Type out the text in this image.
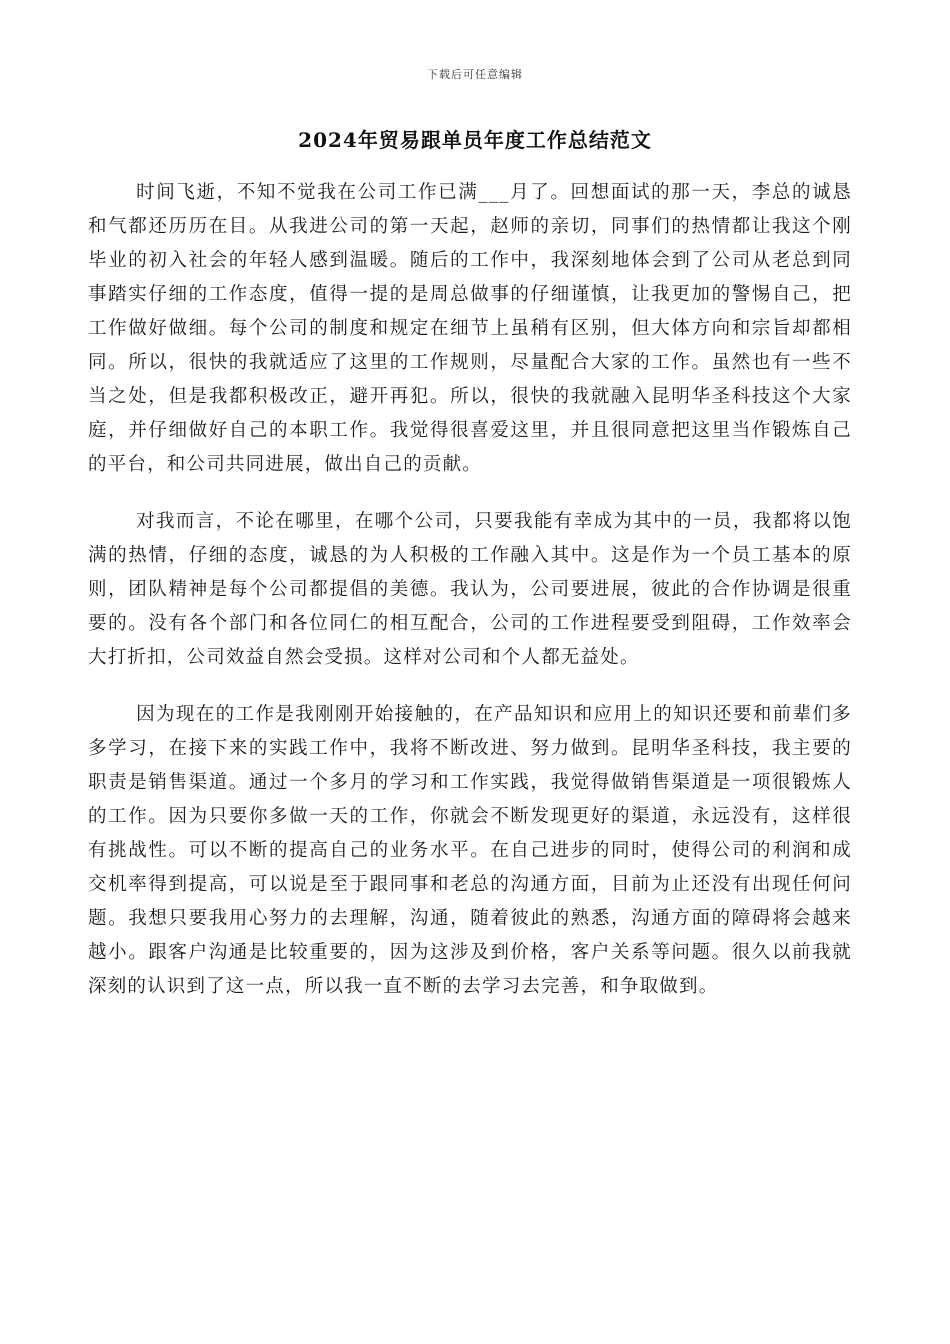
下载后可任意编辑
2024年贸易跟单员年度工作总结范文

时间飞逝，不知不觉我在公司工作已满___月了。回想面试的那一天，李总的诚恳和气都还历历在目。从我进公司的第一天起，赵师的亲切，同事们的热情都让我这个刚毕业的初入社会的年轻人感到温暖。随后的工作中，我深刻地体会到了公司从老总到同事踏实仔细的工作态度，值得一提的是周总做事的仔细谨慎，让我更加的警惕自己，把工作做好做细。每个公司的制度和规定在细节上虽稍有区别，但大体方向和宗旨却都相同。所以，很快的我就适应了这里的工作规则，尽量配合大家的工作。虽然也有一些不当之处，但是我都积极改正，避开再犯。所以，很快的我就融入昆明华圣科技这个大家庭，并仔细做好自己的本职工作。我觉得很喜爱这里，并且很同意把这里当作锻炼自己的平台，和公司共同进展，做出自己的贡献。

对我而言，不论在哪里，在哪个公司，只要我能有幸成为其中的一员，我都将以饱满的热情，仔细的态度，诚恳的为人积极的工作融入其中。这是作为一个员工基本的原则，团队精神是每个公司都提倡的美德。我认为，公司要进展，彼此的合作协调是很重要的。没有各个部门和各位同仁的相互配合，公司的工作进程要受到阻碍，工作效率会大打折扣，公司效益自然会受损。这样对公司和个人都无益处。

因为现在的工作是我刚刚开始接触的，在产品知识和应用上的知识还要和前辈们多多学习，在接下来的实践工作中，我将不断改进、努力做到。昆明华圣科技，我主要的职责是销售渠道。通过一个多月的学习和工作实践，我觉得做销售渠道是一项很锻炼人的工作。因为只要你多做一天的工作，你就会不断发现更好的渠道，永远没有，这样很有挑战性。可以不断的提高自己的业务水平。在自己进步的同时，使得公司的利润和成交机率得到提高，可以说是至于跟同事和老总的沟通方面，目前为止还没有出现任何问题。我想只要我用心努力的去理解，沟通，随着彼此的熟悉，沟通方面的障碍将会越来越小。跟客户沟通是比较重要的，因为这涉及到价格，客户关系等问题。很久以前我就深刻的认识到了这一点，所以我一直不断的去学习去完善，和争取做到。
